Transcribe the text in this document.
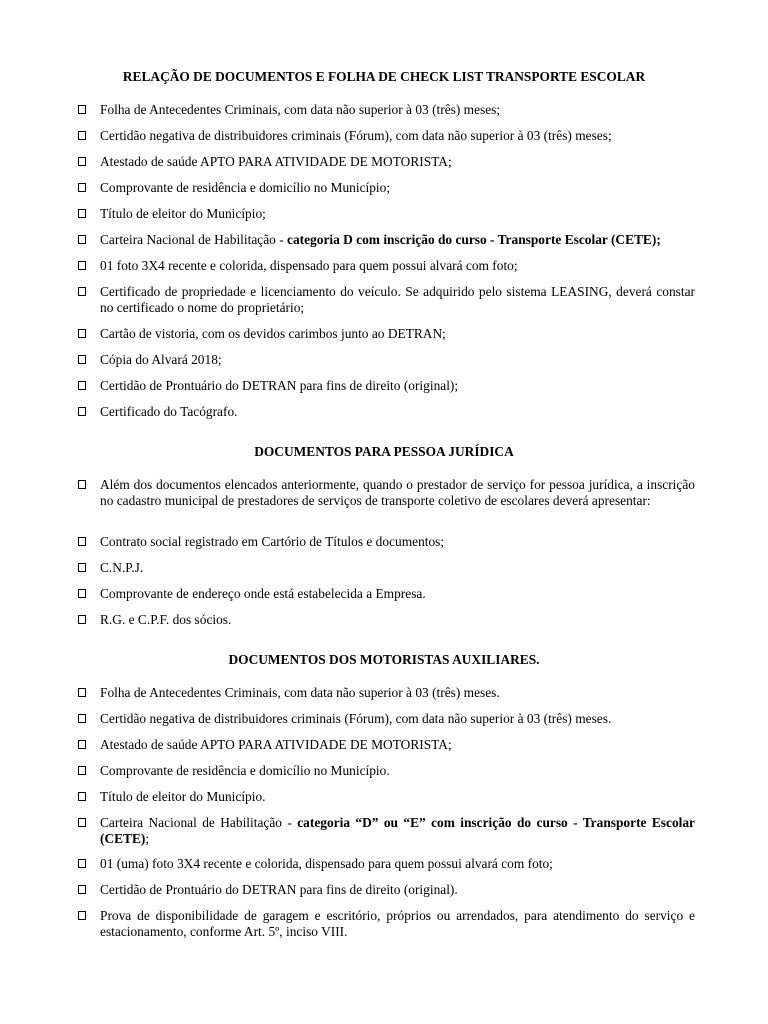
RELAÇÃO DE DOCUMENTOS E FOLHA DE CHECK LIST TRANSPORTE ESCOLAR
Folha de Antecedentes Criminais, com data não superior à 03 (três) meses;
Certidão negativa de distribuidores criminais (Fórum), com data não superior à 03 (três) meses;
Atestado de saúde APTO PARA ATIVIDADE DE MOTORISTA;
Comprovante de residência e domicílio no Município;
Título de eleitor do Município;
Carteira Nacional de Habilitação - categoria D com inscrição do curso - Transporte Escolar (CETE);
01 foto 3X4 recente e colorida, dispensado para quem possui alvará com foto;
Certificado de propriedade e licenciamento do veículo. Se adquirido pelo sistema LEASING, deverá constar no certificado o nome do proprietário;
Cartão de vistoria, com os devidos carimbos junto ao DETRAN;
Cópia do Alvará 2018;
Certidão de Prontuário do DETRAN para fins de direito (original);
Certificado do Tacógrafo.
DOCUMENTOS PARA PESSOA JURÍDICA
Além dos documentos elencados anteriormente, quando o prestador de serviço for pessoa jurídica, a inscrição no cadastro municipal de prestadores de serviços de transporte coletivo de escolares deverá apresentar:
Contrato social registrado em Cartório de Títulos e documentos;
C.N.P.J.
Comprovante de endereço onde está estabelecida a Empresa.
R.G. e C.P.F. dos sócios.
DOCUMENTOS DOS MOTORISTAS AUXILIARES.
Folha de Antecedentes Criminais, com data não superior à 03 (três) meses.
Certidão negativa de distribuidores criminais (Fórum), com data não superior à 03 (três) meses.
Atestado de saúde APTO PARA ATIVIDADE DE MOTORISTA;
Comprovante de residência e domicílio no Município.
Título de eleitor do Município.
Carteira Nacional de Habilitação - categoria “D” ou “E” com inscrição do curso - Transporte Escolar (CETE);
01 (uma) foto 3X4 recente e colorida, dispensado para quem possui alvará com foto;
Certidão de Prontuário do DETRAN para fins de direito (original).
Prova de disponibilidade de garagem e escritório, próprios ou arrendados, para atendimento do serviço e estacionamento, conforme Art. 5º, inciso VIII.
